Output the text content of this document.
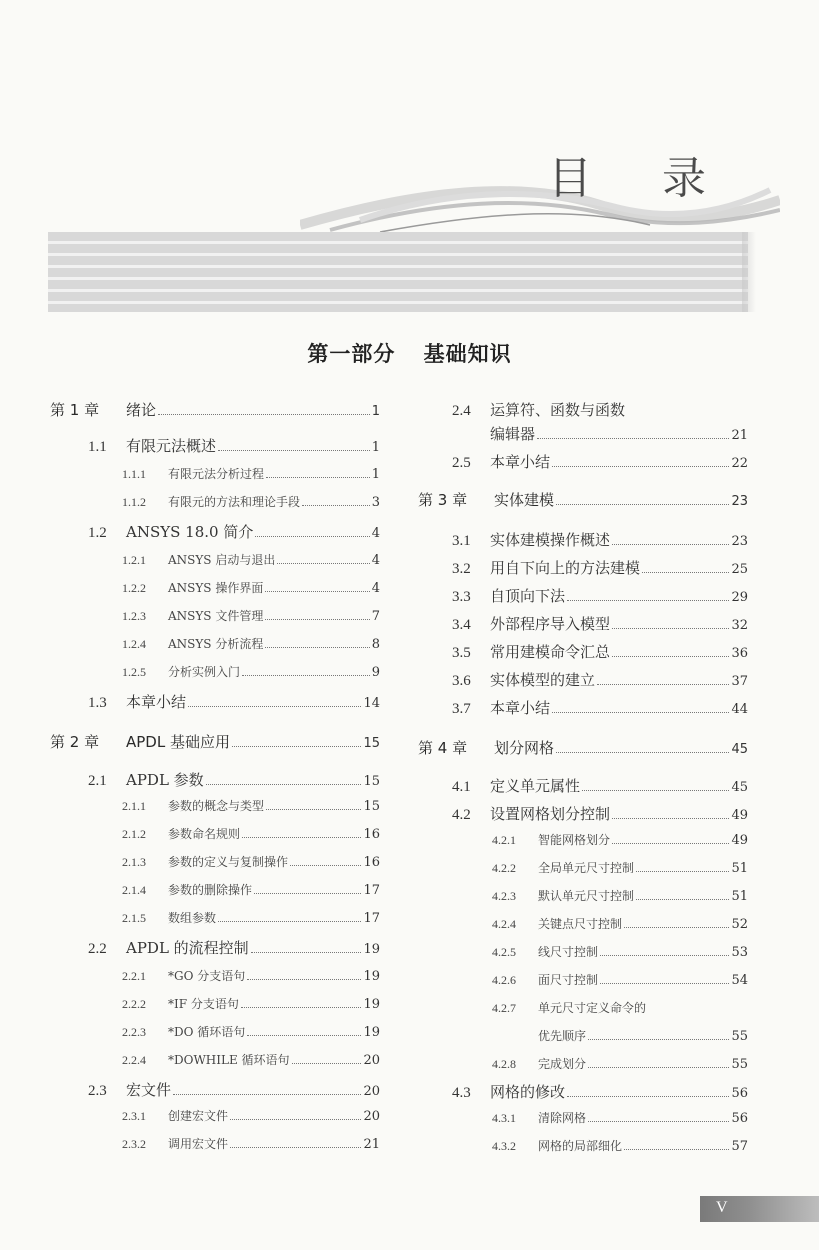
目 录
第一部分 基础知识
第 1 章	绪论	1
1.1	有限元法概述	1
1.1.1	有限元法分析过程	1
1.1.2	有限元的方法和理论手段	3
1.2	ANSYS 18.0 简介	4
1.2.1	ANSYS 启动与退出	4
1.2.2	ANSYS 操作界面	4
1.2.3	ANSYS 文件管理	7
1.2.4	ANSYS 分析流程	8
1.2.5	分析实例入门	9
1.3	本章小结	14
第 2 章	APDL 基础应用	15
2.1	APDL 参数	15
2.1.1	参数的概念与类型	15
2.1.2	参数命名规则	16
2.1.3	参数的定义与复制操作	16
2.1.4	参数的删除操作	17
2.1.5	数组参数	17
2.2	APDL 的流程控制	19
2.2.1	*GO 分支语句	19
2.2.2	*IF 分支语句	19
2.2.3	*DO 循环语句	19
2.2.4	*DOWHILE 循环语句	20
2.3	宏文件	20
2.3.1	创建宏文件	20
2.3.2	调用宏文件	21
2.4	运算符、函数与函数
编辑器	21
2.5	本章小结	22
第 3 章	实体建模	23
3.1	实体建模操作概述	23
3.2	用自下向上的方法建模	25
3.3	自顶向下法	29
3.4	外部程序导入模型	32
3.5	常用建模命令汇总	36
3.6	实体模型的建立	37
3.7	本章小结	44
第 4 章	划分网格	45
4.1	定义单元属性	45
4.2	设置网格划分控制	49
4.2.1	智能网格划分	49
4.2.2	全局单元尺寸控制	51
4.2.3	默认单元尺寸控制	51
4.2.4	关键点尺寸控制	52
4.2.5	线尺寸控制	53
4.2.6	面尺寸控制	54
4.2.7	单元尺寸定义命令的
优先顺序	55
4.2.8	完成划分	55
4.3	网格的修改	56
4.3.1	清除网格	56
4.3.2	网格的局部细化	57
V
